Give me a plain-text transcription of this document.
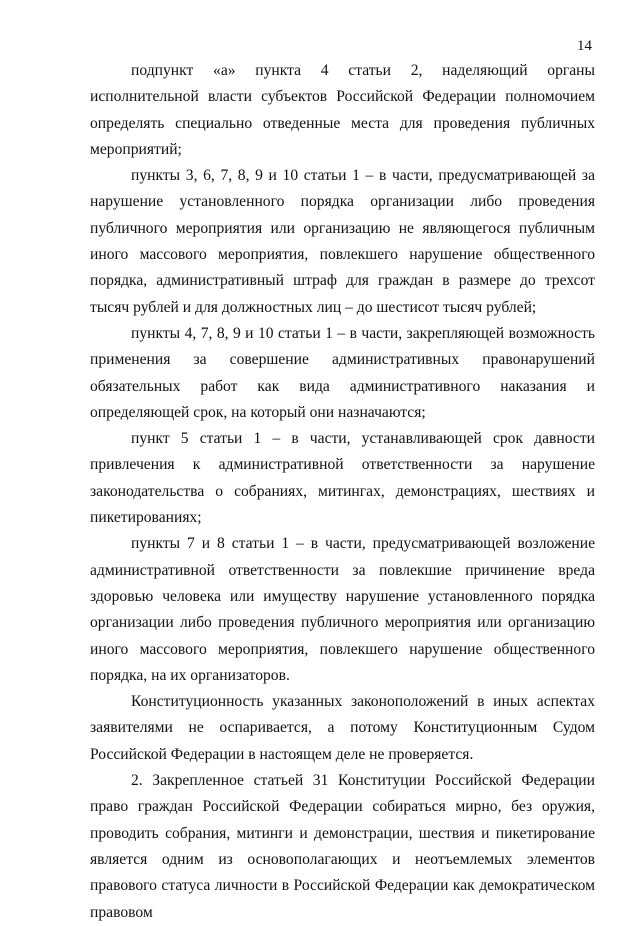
14

подпункт «а» пункта 4 статьи 2, наделяющий органы исполнительной власти субъектов Российской Федерации полномочием определять специально отведенные места для проведения публичных мероприятий;

пункты 3, 6, 7, 8, 9 и 10 статьи 1 – в части, предусматривающей за нарушение установленного порядка организации либо проведения публичного мероприятия или организацию не являющегося публичным иного массового мероприятия, повлекшего нарушение общественного порядка, административный штраф для граждан в размере до трехсот тысяч рублей и для должностных лиц – до шестисот тысяч рублей;

пункты 4, 7, 8, 9 и 10 статьи 1 – в части, закрепляющей возможность применения за совершение административных правонарушений обязательных работ как вида административного наказания и определяющей срок, на который они назначаются;

пункт 5 статьи 1 – в части, устанавливающей срок давности привлечения к административной ответственности за нарушение законодательства о собраниях, митингах, демонстрациях, шествиях и пикетированиях;

пункты 7 и 8 статьи 1 – в части, предусматривающей возложение административной ответственности за повлекшие причинение вреда здоровью человека или имуществу нарушение установленного порядка организации либо проведения публичного мероприятия или организацию иного массового мероприятия, повлекшего нарушение общественного порядка, на их организаторов.

Конституционность указанных законоположений в иных аспектах заявителями не оспаривается, а потому Конституционным Судом Российской Федерации в настоящем деле не проверяется.

2. Закрепленное статьей 31 Конституции Российской Федерации право граждан Российской Федерации собираться мирно, без оружия, проводить собрания, митинги и демонстрации, шествия и пикетирование является одним из основополагающих и неотъемлемых элементов правового статуса личности в Российской Федерации как демократическом правовом
